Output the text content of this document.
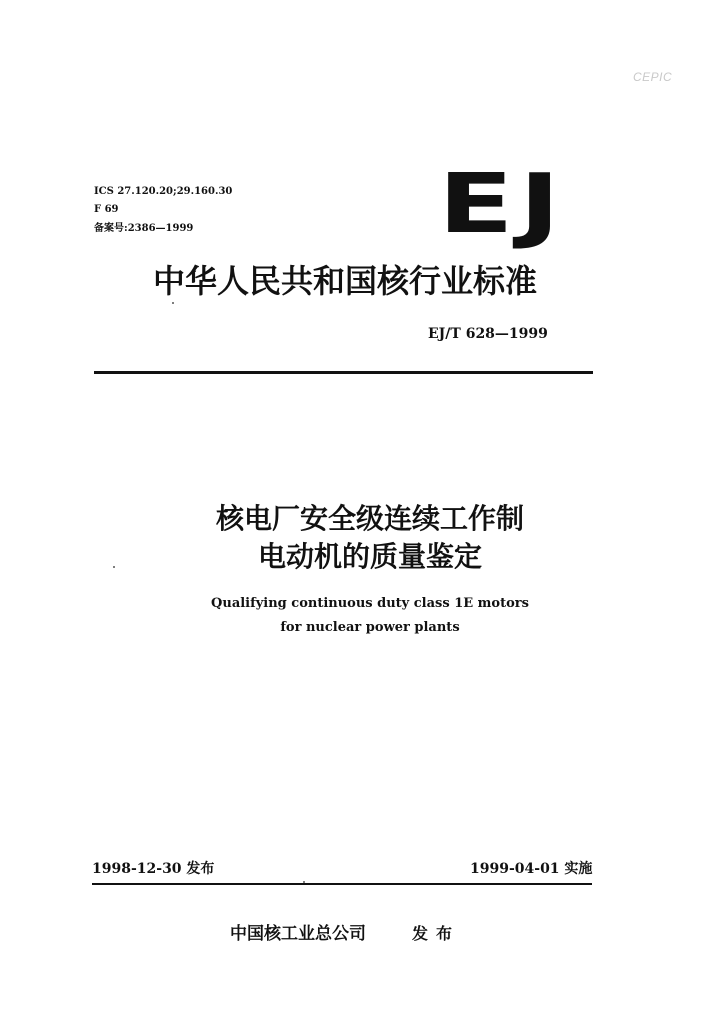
CEPIC
ICS 27.120.20;29.160.30
F 69
备案号:2386—1999	EJ
中华人民共和国核行业标准
EJ/T 628—1999
核电厂安全级连续工作制
电动机的质量鉴定
Qualifying continuous duty class 1E motors
for nuclear power plants
1998-12-30 发布	1999-04-01 实施
中国核工业总公司	发布
